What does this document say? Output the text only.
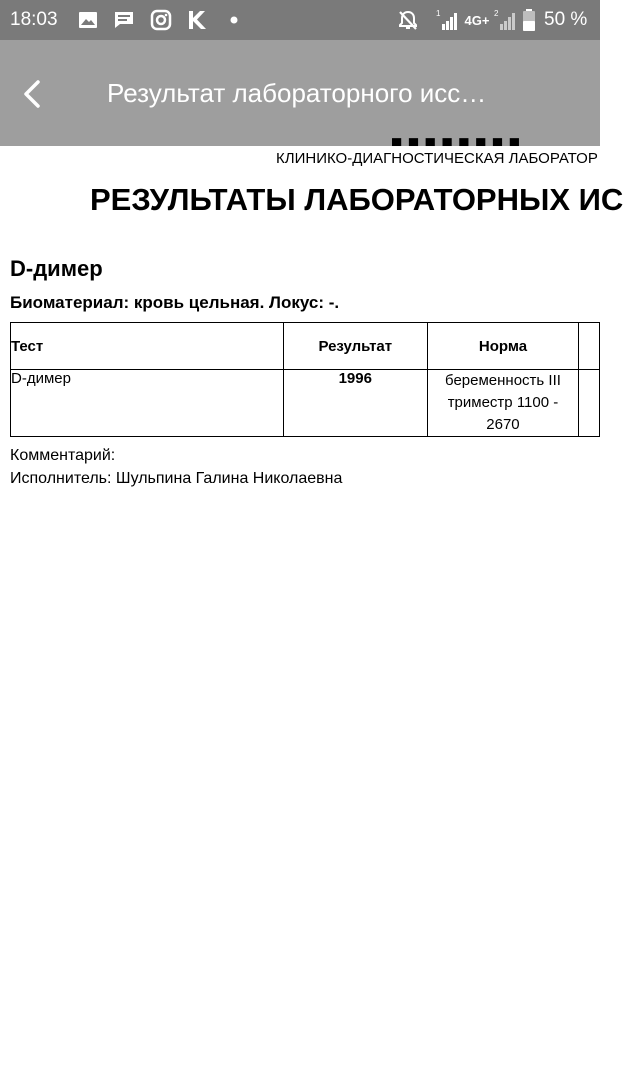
18:03	1 4G+ 2 50 %
Результат лабораторного исс…
▀ ▀ ▀ ▀ ▀ ▀ ▀ ▀
КЛИНИКО-ДИАГНОСТИЧЕСКАЯ ЛАБОРАТОР
РЕЗУЛЬТАТЫ ЛАБОРАТОРНЫХ ИС
D-димер
Биоматериал: кровь цельная. Локус: -.
Тест	Результат	Норма	
D-димер	1996	беременность III
триместр 1100 -
2670	

Комментарий:
Исполнитель: Шульпина Галина Николаевна
